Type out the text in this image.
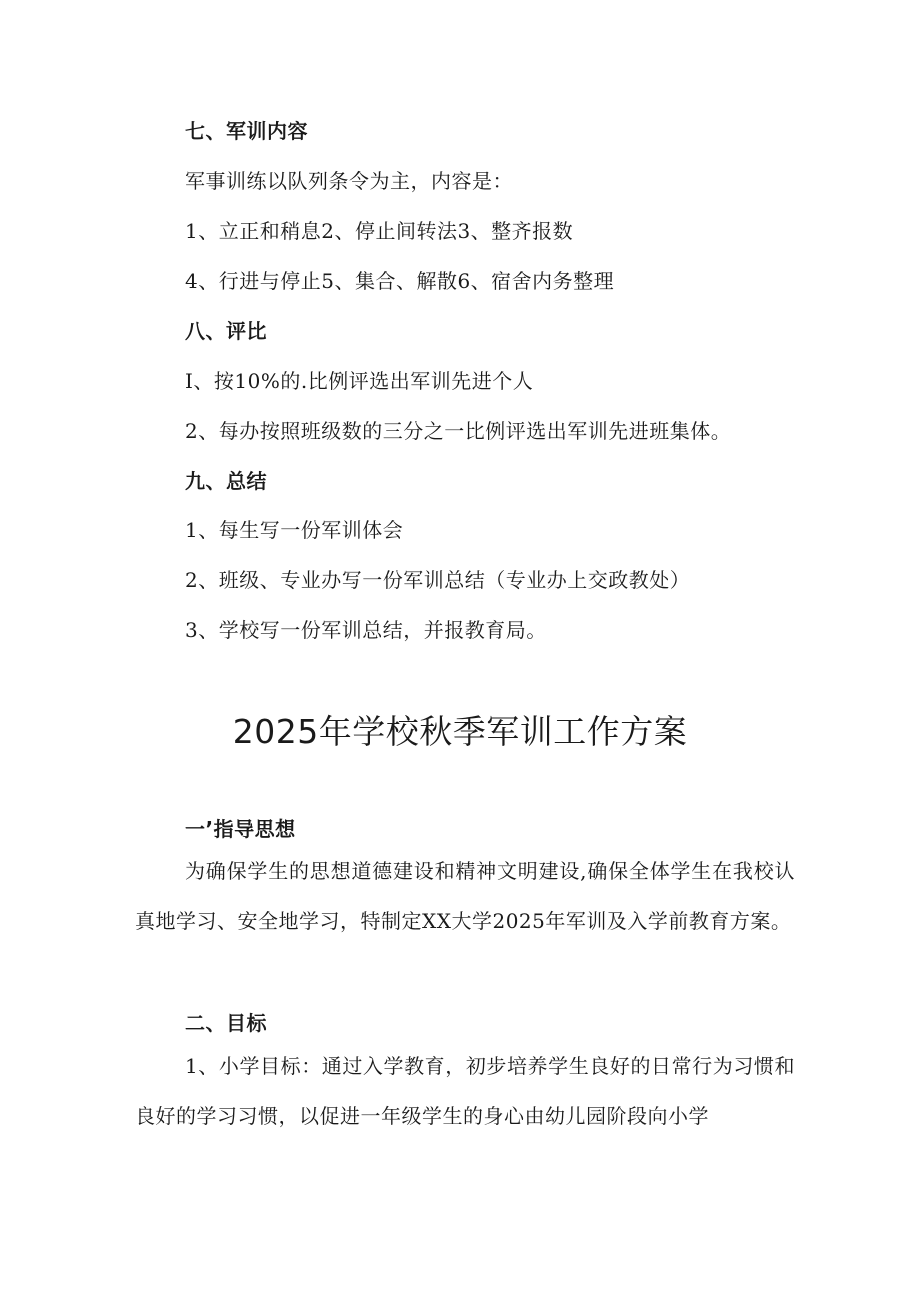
七、军训内容
军事训练以队列条令为主，内容是：
1、立正和稍息2、停止间转法3、整齐报数
4、行进与停止5、集合、解散6、宿舍内务整理
八、评比
Ⅰ、按10%的.比例评选出军训先进个人
2、每办按照班级数的三分之一比例评选出军训先进班集体。
九、总结
1、每生写一份军训体会
2、班级、专业办写一份军训总结（专业办上交政教处）
3、学校写一份军训总结，并报教育局。
2025年学校秋季军训工作方案
一’指导思想
为确保学生的思想道德建设和精神文明建设,确保全体学生在我校认真地学习、安全地学习，特制定XX大学2025年军训及入学前教育方案。
二、目标
1、小学目标：通过入学教育，初步培养学生良好的日常行为习惯和良好的学习习惯，以促进一年级学生的身心由幼儿园阶段向小学
